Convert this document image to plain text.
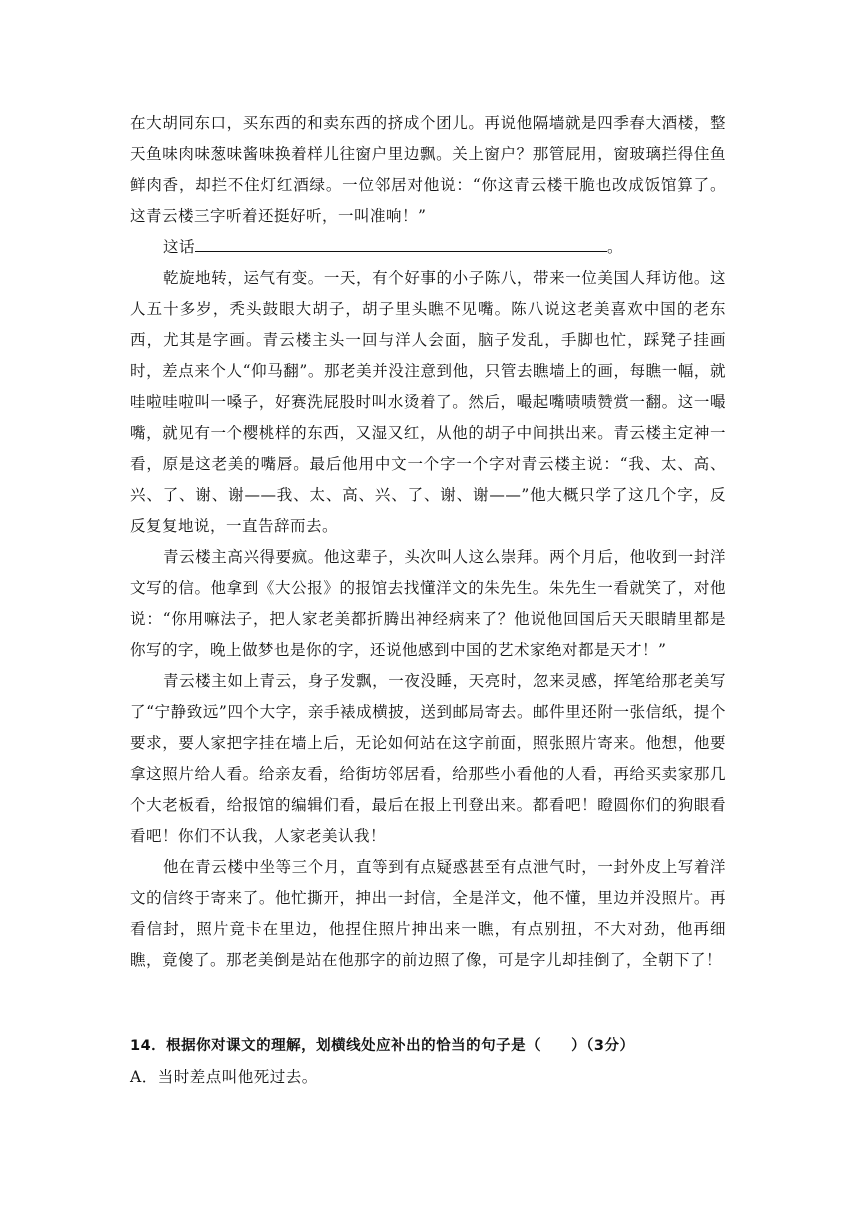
在大胡同东口，买东西的和卖东西的挤成个团儿。再说他隔墙就是四季春大酒楼，整天鱼味肉味葱味酱味换着样儿往窗户里边飘。关上窗户？那管屁用，窗玻璃拦得住鱼鲜肉香，却拦不住灯红酒绿。一位邻居对他说：“你这青云楼干脆也改成饭馆算了。这青云楼三字听着还挺好听，一叫准响！”

这话	。

乾旋地转，运气有变。一天，有个好事的小子陈八，带来一位美国人拜访他。这人五十多岁，秃头鼓眼大胡子，胡子里头瞧不见嘴。陈八说这老美喜欢中国的老东西，尤其是字画。青云楼主头一回与洋人会面，脑子发乱，手脚也忙，踩凳子挂画时，差点来个人“仰马翻”。那老美并没注意到他，只管去瞧墙上的画，每瞧一幅，就哇啦哇啦叫一嗓子，好赛洗屁股时叫水烫着了。然后，嘬起嘴啧啧赞赏一翻。这一嘬嘴，就见有一个樱桃样的东西，又湿又红，从他的胡子中间拱出来。青云楼主定神一看，原是这老美的嘴唇。最后他用中文一个字一个字对青云楼主说：“我、太、高、兴、了、谢、谢——我、太、高、兴、了、谢、谢——”他大概只学了这几个字，反反复复地说，一直告辞而去。

青云楼主高兴得要疯。他这辈子，头次叫人这么崇拜。两个月后，他收到一封洋文写的信。他拿到《大公报》的报馆去找懂洋文的朱先生。朱先生一看就笑了，对他说：“你用嘛法子，把人家老美都折腾出神经病来了？他说他回国后天天眼睛里都是你写的字，晚上做梦也是你的字，还说他感到中国的艺术家绝对都是天才！”

青云楼主如上青云，身子发飘，一夜没睡，天亮时，忽来灵感，挥笔给那老美写了“宁静致远”四个大字，亲手裱成横披，送到邮局寄去。邮件里还附一张信纸，提个要求，要人家把字挂在墙上后，无论如何站在这字前面，照张照片寄来。他想，他要拿这照片给人看。给亲友看，给街坊邻居看，给那些小看他的人看，再给买卖家那几个大老板看，给报馆的编辑们看，最后在报上刊登出来。都看吧！瞪圆你们的狗眼看看吧！你们不认我，人家老美认我！

他在青云楼中坐等三个月，直等到有点疑惑甚至有点泄气时，一封外皮上写着洋文的信终于寄来了。他忙撕开，抻出一封信，全是洋文，他不懂，里边并没照片。再看信封，照片竟卡在里边，他捏住照片抻出来一瞧，有点别扭，不大对劲，他再细瞧，竟傻了。那老美倒是站在他那字的前边照了像，可是字儿却挂倒了，全朝下了！

14．根据你对课文的理解，划横线处应补出的恰当的句子是（　　）（3分）

A．当时差点叫他死过去。
